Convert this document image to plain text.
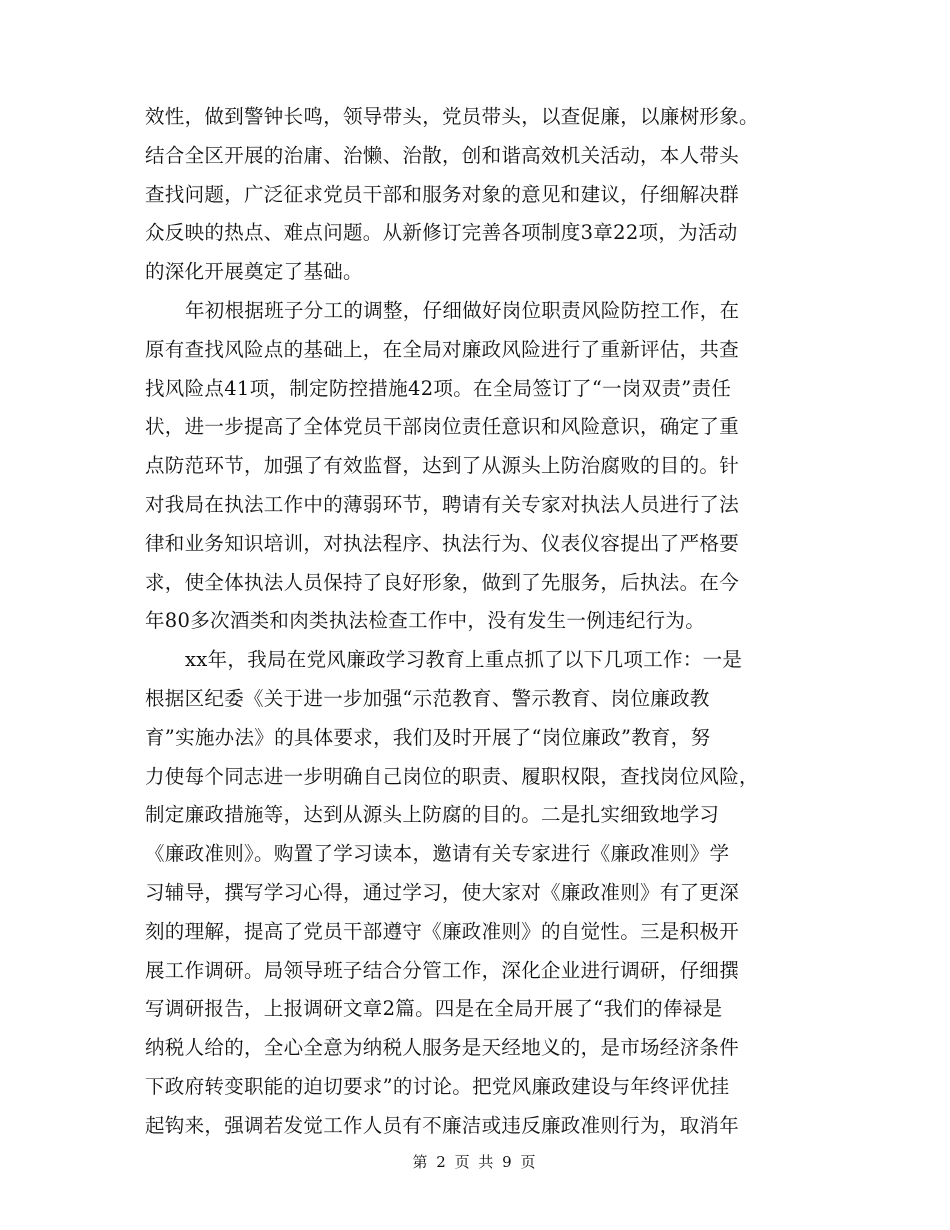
效性，做到警钟长鸣，领导带头，党员带头，以查促廉，以廉树形象。
结合全区开展的治庸、治懒、治散，创和谐高效机关活动，本人带头
查找问题，广泛征求党员干部和服务对象的意见和建议，仔细解决群
众反映的热点、难点问题。从新修订完善各项制度3章22项，为活动
的深化开展奠定了基础。
年初根据班子分工的调整，仔细做好岗位职责风险防控工作，在
原有查找风险点的基础上，在全局对廉政风险进行了重新评估，共查
找风险点41项，制定防控措施42项。在全局签订了“一岗双责”责任
状，进一步提高了全体党员干部岗位责任意识和风险意识，确定了重
点防范环节，加强了有效监督，达到了从源头上防治腐败的目的。针
对我局在执法工作中的薄弱环节，聘请有关专家对执法人员进行了法
律和业务知识培训，对执法程序、执法行为、仪表仪容提出了严格要
求，使全体执法人员保持了良好形象，做到了先服务，后执法。在今
年80多次酒类和肉类执法检查工作中，没有发生一例违纪行为。
xx年，我局在党风廉政学习教育上重点抓了以下几项工作：一是
根据区纪委《关于进一步加强“示范教育、警示教育、岗位廉政教
育”实施办法》的具体要求，我们及时开展了“岗位廉政”教育，努
力使每个同志进一步明确自己岗位的职责、履职权限，查找岗位风险，
制定廉政措施等，达到从源头上防腐的目的。二是扎实细致地学习
《廉政准则》。购置了学习读本，邀请有关专家进行《廉政准则》学
习辅导，撰写学习心得，通过学习，使大家对《廉政准则》有了更深
刻的理解，提高了党员干部遵守《廉政准则》的自觉性。三是积极开
展工作调研。局领导班子结合分管工作，深化企业进行调研，仔细撰
写调研报告，上报调研文章2篇。四是在全局开展了“我们的俸禄是
纳税人给的，全心全意为纳税人服务是天经地义的，是市场经济条件
下政府转变职能的迫切要求”的讨论。把党风廉政建设与年终评优挂
起钩来，强调若发觉工作人员有不廉洁或违反廉政准则行为，取消年
第 2 页 共 9 页
